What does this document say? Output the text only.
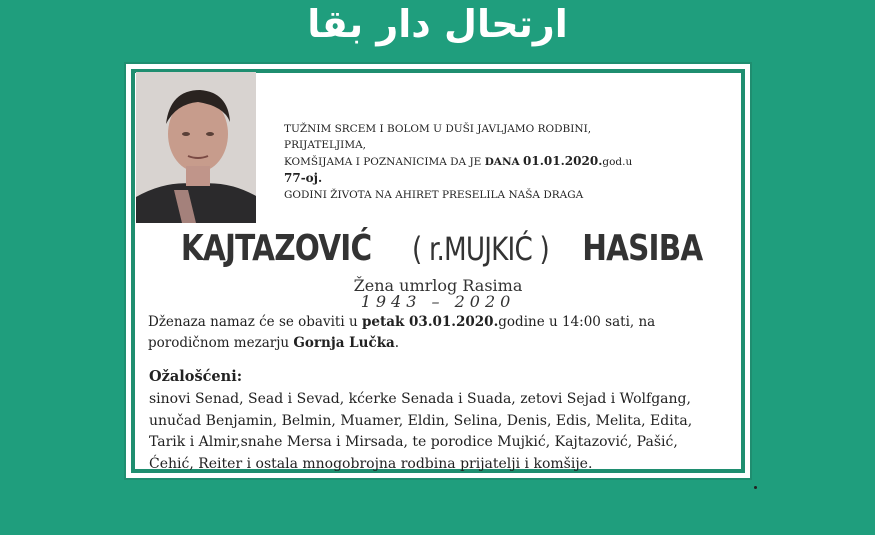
ارتحال دار بقا
TUŽNIM SRCEM I BOLOM U DUŠI JAVLJAMO RODBINI, PRIJATELJIMA,
KOMŠIJAMA I POZNANICIMA DA JE DANA 01.01.2020.god.u 77-oj.
GODINI ŽIVOTA NA AHIRET PRESELILA NAŠA DRAGA
KAJTAZOVIĆ ( r.MUJKIĆ ) HASIBA
Žena umrlog Rasima
1943 – 2020
Dženaza namaz će se obaviti u petak 03.01.2020.godine u 14:00 sati, na
porodičnom mezarju Gornja Lučka.
Ožalošćeni:
sinovi Senad, Sead i Sevad, kćerke Senada i Suada, zetovi Sejad i Wolfgang,
unučad Benjamin, Belmin, Muamer, Eldin, Selina, Denis, Edis, Melita, Edita,
Tarik i Almir,snahe Mersa i Mirsada, te porodice Mujkić, Kajtazović, Pašić,
Ćehić, Reiter i ostala mnogobrojna rodbina prijatelji i komšije.
